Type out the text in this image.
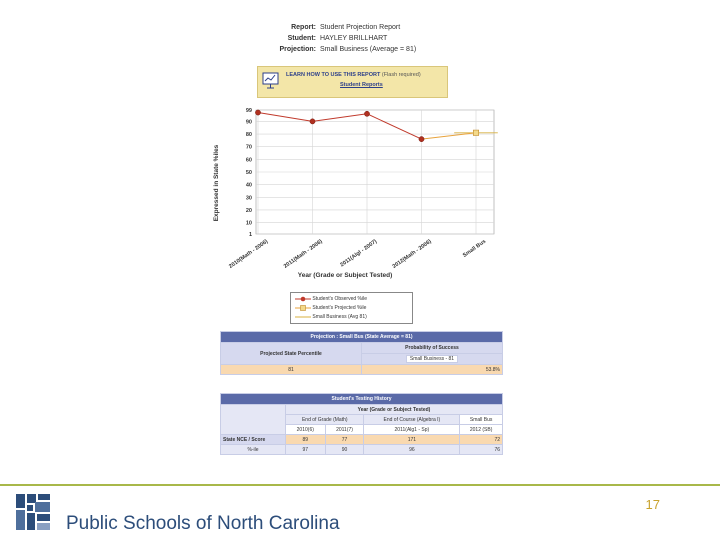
Report: Student Projection Report
Student: HAYLEY BRILLHART
Projection: Small Business (Average = 81)
LEARN HOW TO USE THIS REPORT (Flash required)
Student Reports
1
10
20
30
40
50
60
70
80
90
99
2010(Math - 2006) 2011(Math - 2006)	2011(Algl - 2007) 2012(Math - 2006)	Small Bus
Expressed in State %iles
Year (Grade or Subject Tested)
Student's Observed %ile
Student's Projected %ile
Small Business (Avg 81)
Projection : Small Bus (State Average = 81)	
Projected State Percentile	Probability of Success
	Small Business - 81
81	53.8%
Student's Testing History				
	Year (Grade or Subject Tested)			
	End of Grade (Math)		End of Course (Algebra I)	Small Bus
	2010(6)	2011(7)	2011(Alg1 - Sp)	2012 (SB)
State NCE / Score	89	77	171	72
%-ile	97	90	96	76
17
Public Schools of North Carolina
